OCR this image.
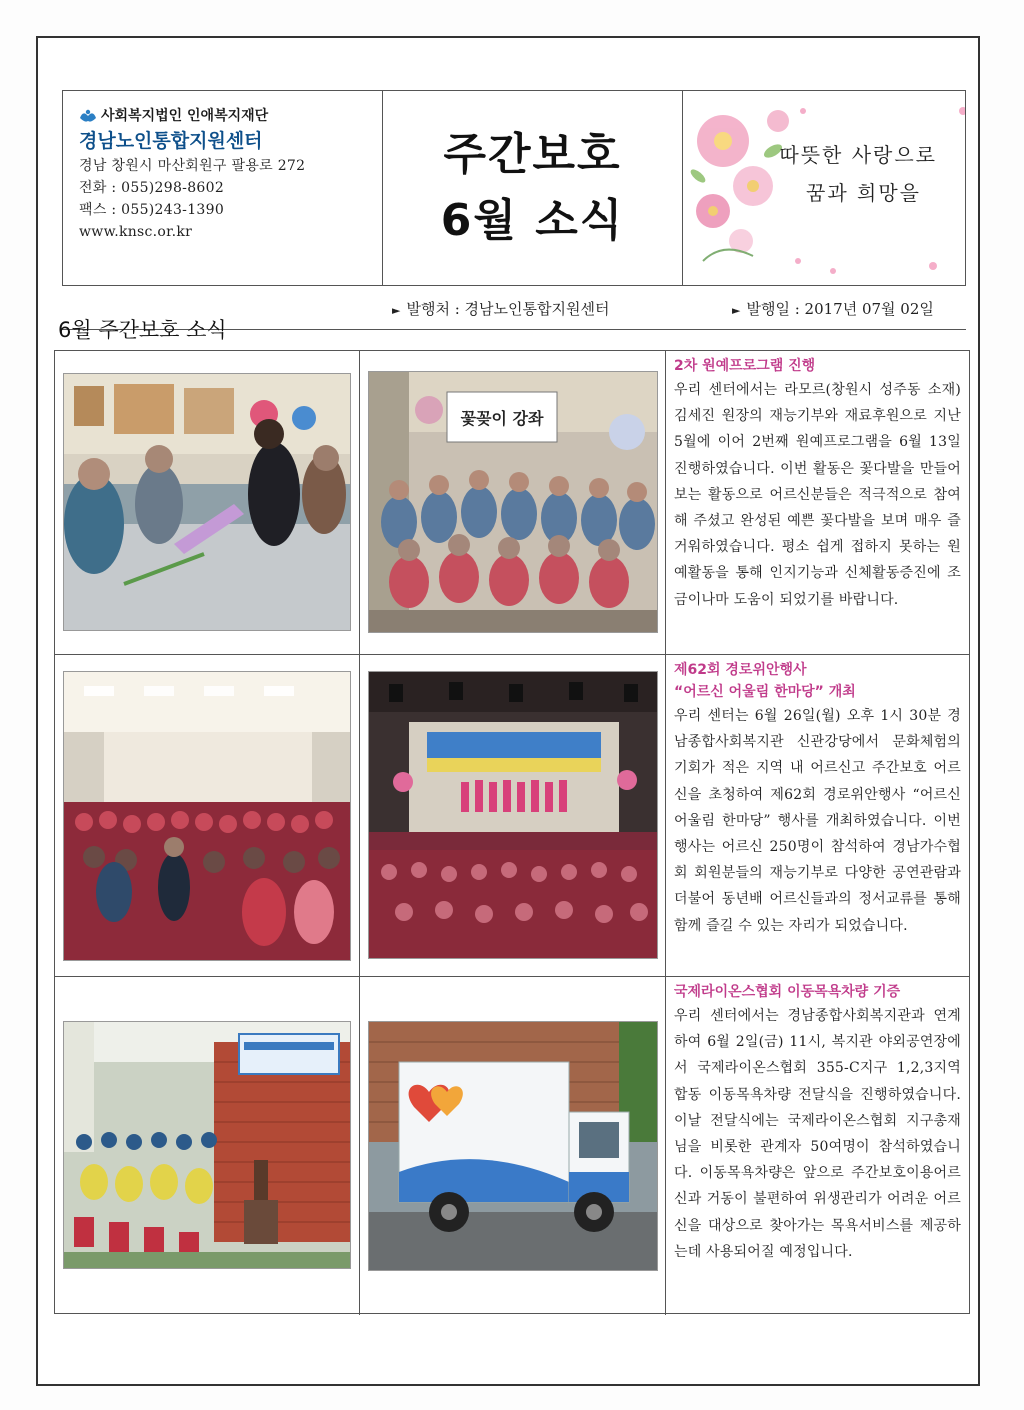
사회복지법인 인애복지재단
경남노인통합지원센터
경남 창원시 마산회원구 팔용로 272
전화 : 055)298-8602
팩스 : 055)243-1390
www.knsc.or.kr
주간보호
6월 소식
따뜻한 사랑으로
꿈과 희망을
► 발행처 : 경남노인통합지원센터	► 발행일 : 2017년 07월 02일
6월 주간보호 소식
꽃꽂이 강좌
2차 원예프로그램 진행
우리 센터에서는 라모르(창원시 성주동 소재) 김세진 원장의 재능기부와 재료후원으로 지난 5월에 이어 2번째 원예프로그램을 6월 13일 진행하였습니다. 이번 활동은 꽃다발을 만들어보는 활동으로 어르신분들은 적극적으로 참여해 주셨고 완성된 예쁜 꽃다발을 보며 매우 즐거워하였습니다. 평소 쉽게 접하지 못하는 원예활동을 통해 인지기능과 신체활동증진에 조금이나마 도움이 되었기를 바랍니다.
제62회 경로위안행사
“어르신 어울림 한마당” 개최
우리 센터는 6월 26일(월) 오후 1시 30분 경남종합사회복지관 신관강당에서 문화체험의 기회가 적은 지역 내 어르신고 주간보호 어르신을 초청하여 제62회 경로위안행사 “어르신 어울림 한마당” 행사를 개최하였습니다. 이번 행사는 어르신 250명이 참석하여 경남가수협회 회원분들의 재능기부로 다양한 공연관람과 더불어 동년배 어르신들과의 정서교류를 통해 함께 즐길 수 있는 자리가 되었습니다.
국제라이온스협회 이동목욕차량 기증
우리 센터에서는 경남종합사회복지관과 연계하여 6월 2일(금) 11시, 복지관 야외공연장에서 국제라이온스협회 355-C지구 1,2,3지역 합동 이동목욕차량 전달식을 진행하였습니다. 이날 전달식에는 국제라이온스협회 지구총재님을 비롯한 관계자 50여명이 참석하였습니다. 이동목욕차량은 앞으로 주간보호이용어르신과 거동이 불편하여 위생관리가 어려운 어르신을 대상으로 찾아가는 목욕서비스를 제공하는데 사용되어질 예정입니다.
